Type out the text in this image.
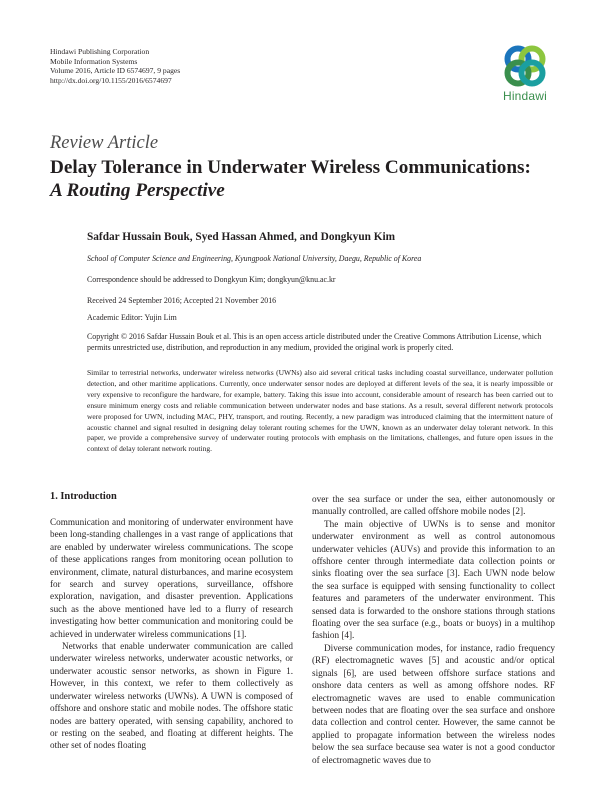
Hindawi Publishing Corporation
Mobile Information Systems
Volume 2016, Article ID 6574697, 9 pages
http://dx.doi.org/10.1155/2016/6574697
Hindawi
Review Article
Delay Tolerance in Underwater Wireless Communications:
A Routing Perspective
Safdar Hussain Bouk, Syed Hassan Ahmed, and Dongkyun Kim
School of Computer Science and Engineering, Kyungpook National University, Daegu, Republic of Korea
Correspondence should be addressed to Dongkyun Kim; dongkyun@knu.ac.kr
Received 24 September 2016; Accepted 21 November 2016
Academic Editor: Yujin Lim
Copyright © 2016 Safdar Hussain Bouk et al. This is an open access article distributed under the Creative Commons Attribution License, which permits unrestricted use, distribution, and reproduction in any medium, provided the original work is properly cited.
Similar to terrestrial networks, underwater wireless networks (UWNs) also aid several critical tasks including coastal surveillance, underwater pollution detection, and other maritime applications. Currently, once underwater sensor nodes are deployed at different levels of the sea, it is nearly impossible or very expensive to reconfigure the hardware, for example, battery. Taking this issue into account, considerable amount of research has been carried out to ensure minimum energy costs and reliable communication between underwater nodes and base stations. As a result, several different network protocols were proposed for UWN, including MAC, PHY, transport, and routing. Recently, a new paradigm was introduced claiming that the intermittent nature of acoustic channel and signal resulted in designing delay tolerant routing schemes for the UWN, known as an underwater delay tolerant network. In this paper, we provide a comprehensive survey of underwater routing protocols with emphasis on the limitations, challenges, and future open issues in the context of delay tolerant network routing.
1. Introduction

Communication and monitoring of underwater environment have been long-standing challenges in a vast range of applications that are enabled by underwater wireless communications. The scope of these applications ranges from monitoring ocean pollution to environment, climate, natural disturbances, and marine ecosystem for search and survey operations, surveillance, offshore exploration, navigation, and disaster prevention. Applications such as the above mentioned have led to a flurry of research investigating how better communication and monitoring could be achieved in underwater wireless communications [1].

Networks that enable underwater communication are called underwater wireless networks, underwater acoustic networks, or underwater acoustic sensor networks, as shown in Figure 1. However, in this context, we refer to them collectively as underwater wireless networks (UWNs). A UWN is composed of offshore and onshore static and mobile nodes. The offshore static nodes are battery operated, with sensing capability, anchored to or resting on the seabed, and floating at different heights. The other set of nodes floating

over the sea surface or under the sea, either autonomously or manually controlled, are called offshore mobile nodes [2].

The main objective of UWNs is to sense and monitor underwater environment as well as control autonomous underwater vehicles (AUVs) and provide this information to an offshore center through intermediate data collection points or sinks floating over the sea surface [3]. Each UWN node below the sea surface is equipped with sensing functionality to collect features and parameters of the underwater environment. This sensed data is forwarded to the onshore stations through stations floating over the sea surface (e.g., boats or buoys) in a multihop fashion [4].

Diverse communication modes, for instance, radio frequency (RF) electromagnetic waves [5] and acoustic and/or optical signals [6], are used between offshore surface stations and onshore data centers as well as among offshore nodes. RF electromagnetic waves are used to enable communication between nodes that are floating over the sea surface and onshore data collection and control center. However, the same cannot be applied to propagate information between the wireless nodes below the sea surface because sea water is not a good conductor of electromagnetic waves due to
